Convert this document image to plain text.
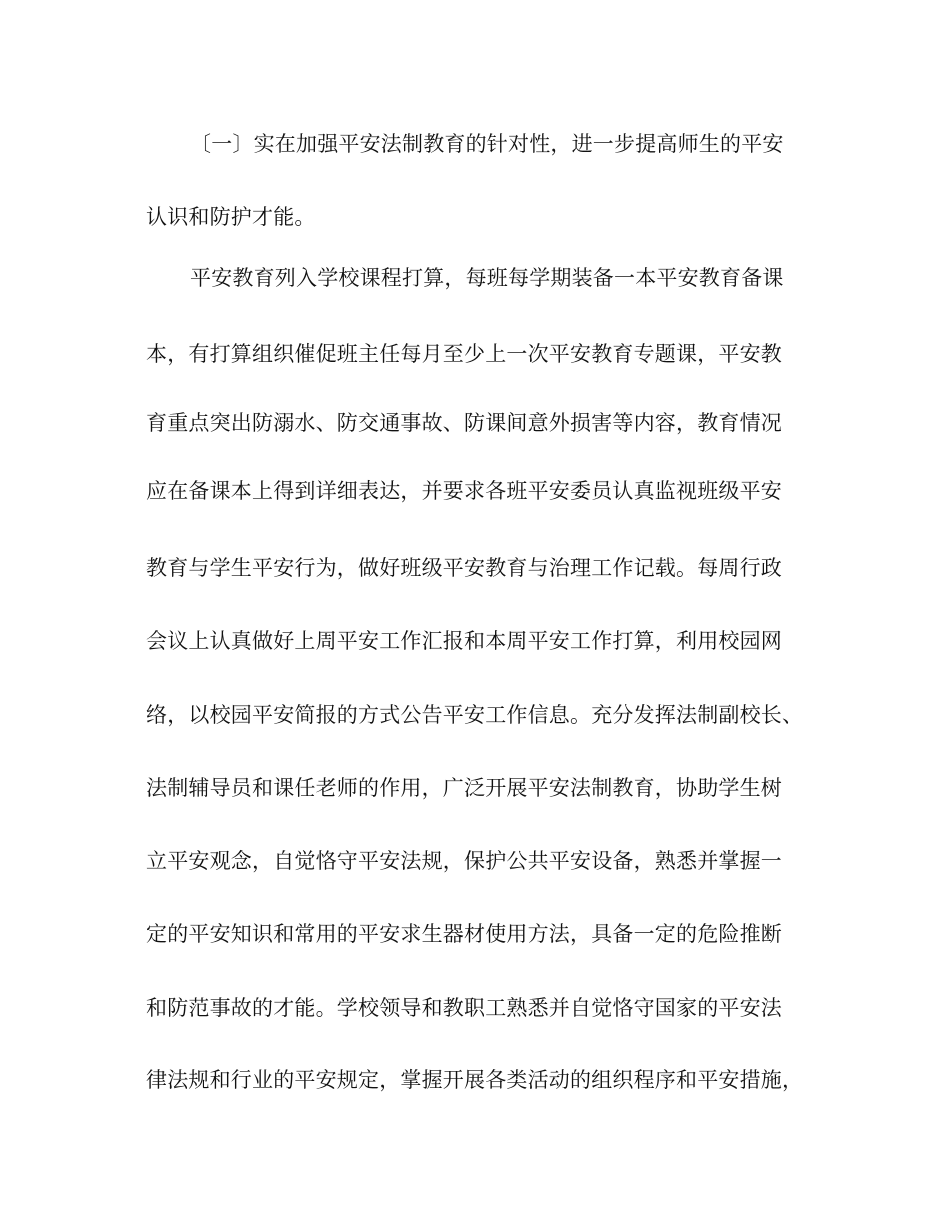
〔一〕实在加强平安法制教育的针对性，进一步提高师生的平安
认识和防护才能。
平安教育列入学校课程打算，每班每学期装备一本平安教育备课
本，有打算组织催促班主任每月至少上一次平安教育专题课，平安教
育重点突出防溺水、防交通事故、防课间意外损害等内容，教育情况
应在备课本上得到详细表达，并要求各班平安委员认真监视班级平安
教育与学生平安行为，做好班级平安教育与治理工作记载。每周行政
会议上认真做好上周平安工作汇报和本周平安工作打算，利用校园网
络，以校园平安简报的方式公告平安工作信息。充分发挥法制副校长、
法制辅导员和课任老师的作用，广泛开展平安法制教育，协助学生树
立平安观念，自觉恪守平安法规，保护公共平安设备，熟悉并掌握一
定的平安知识和常用的平安求生器材使用方法，具备一定的危险推断
和防范事故的才能。学校领导和教职工熟悉并自觉恪守国家的平安法
律法规和行业的平安规定，掌握开展各类活动的组织程序和平安措施，
